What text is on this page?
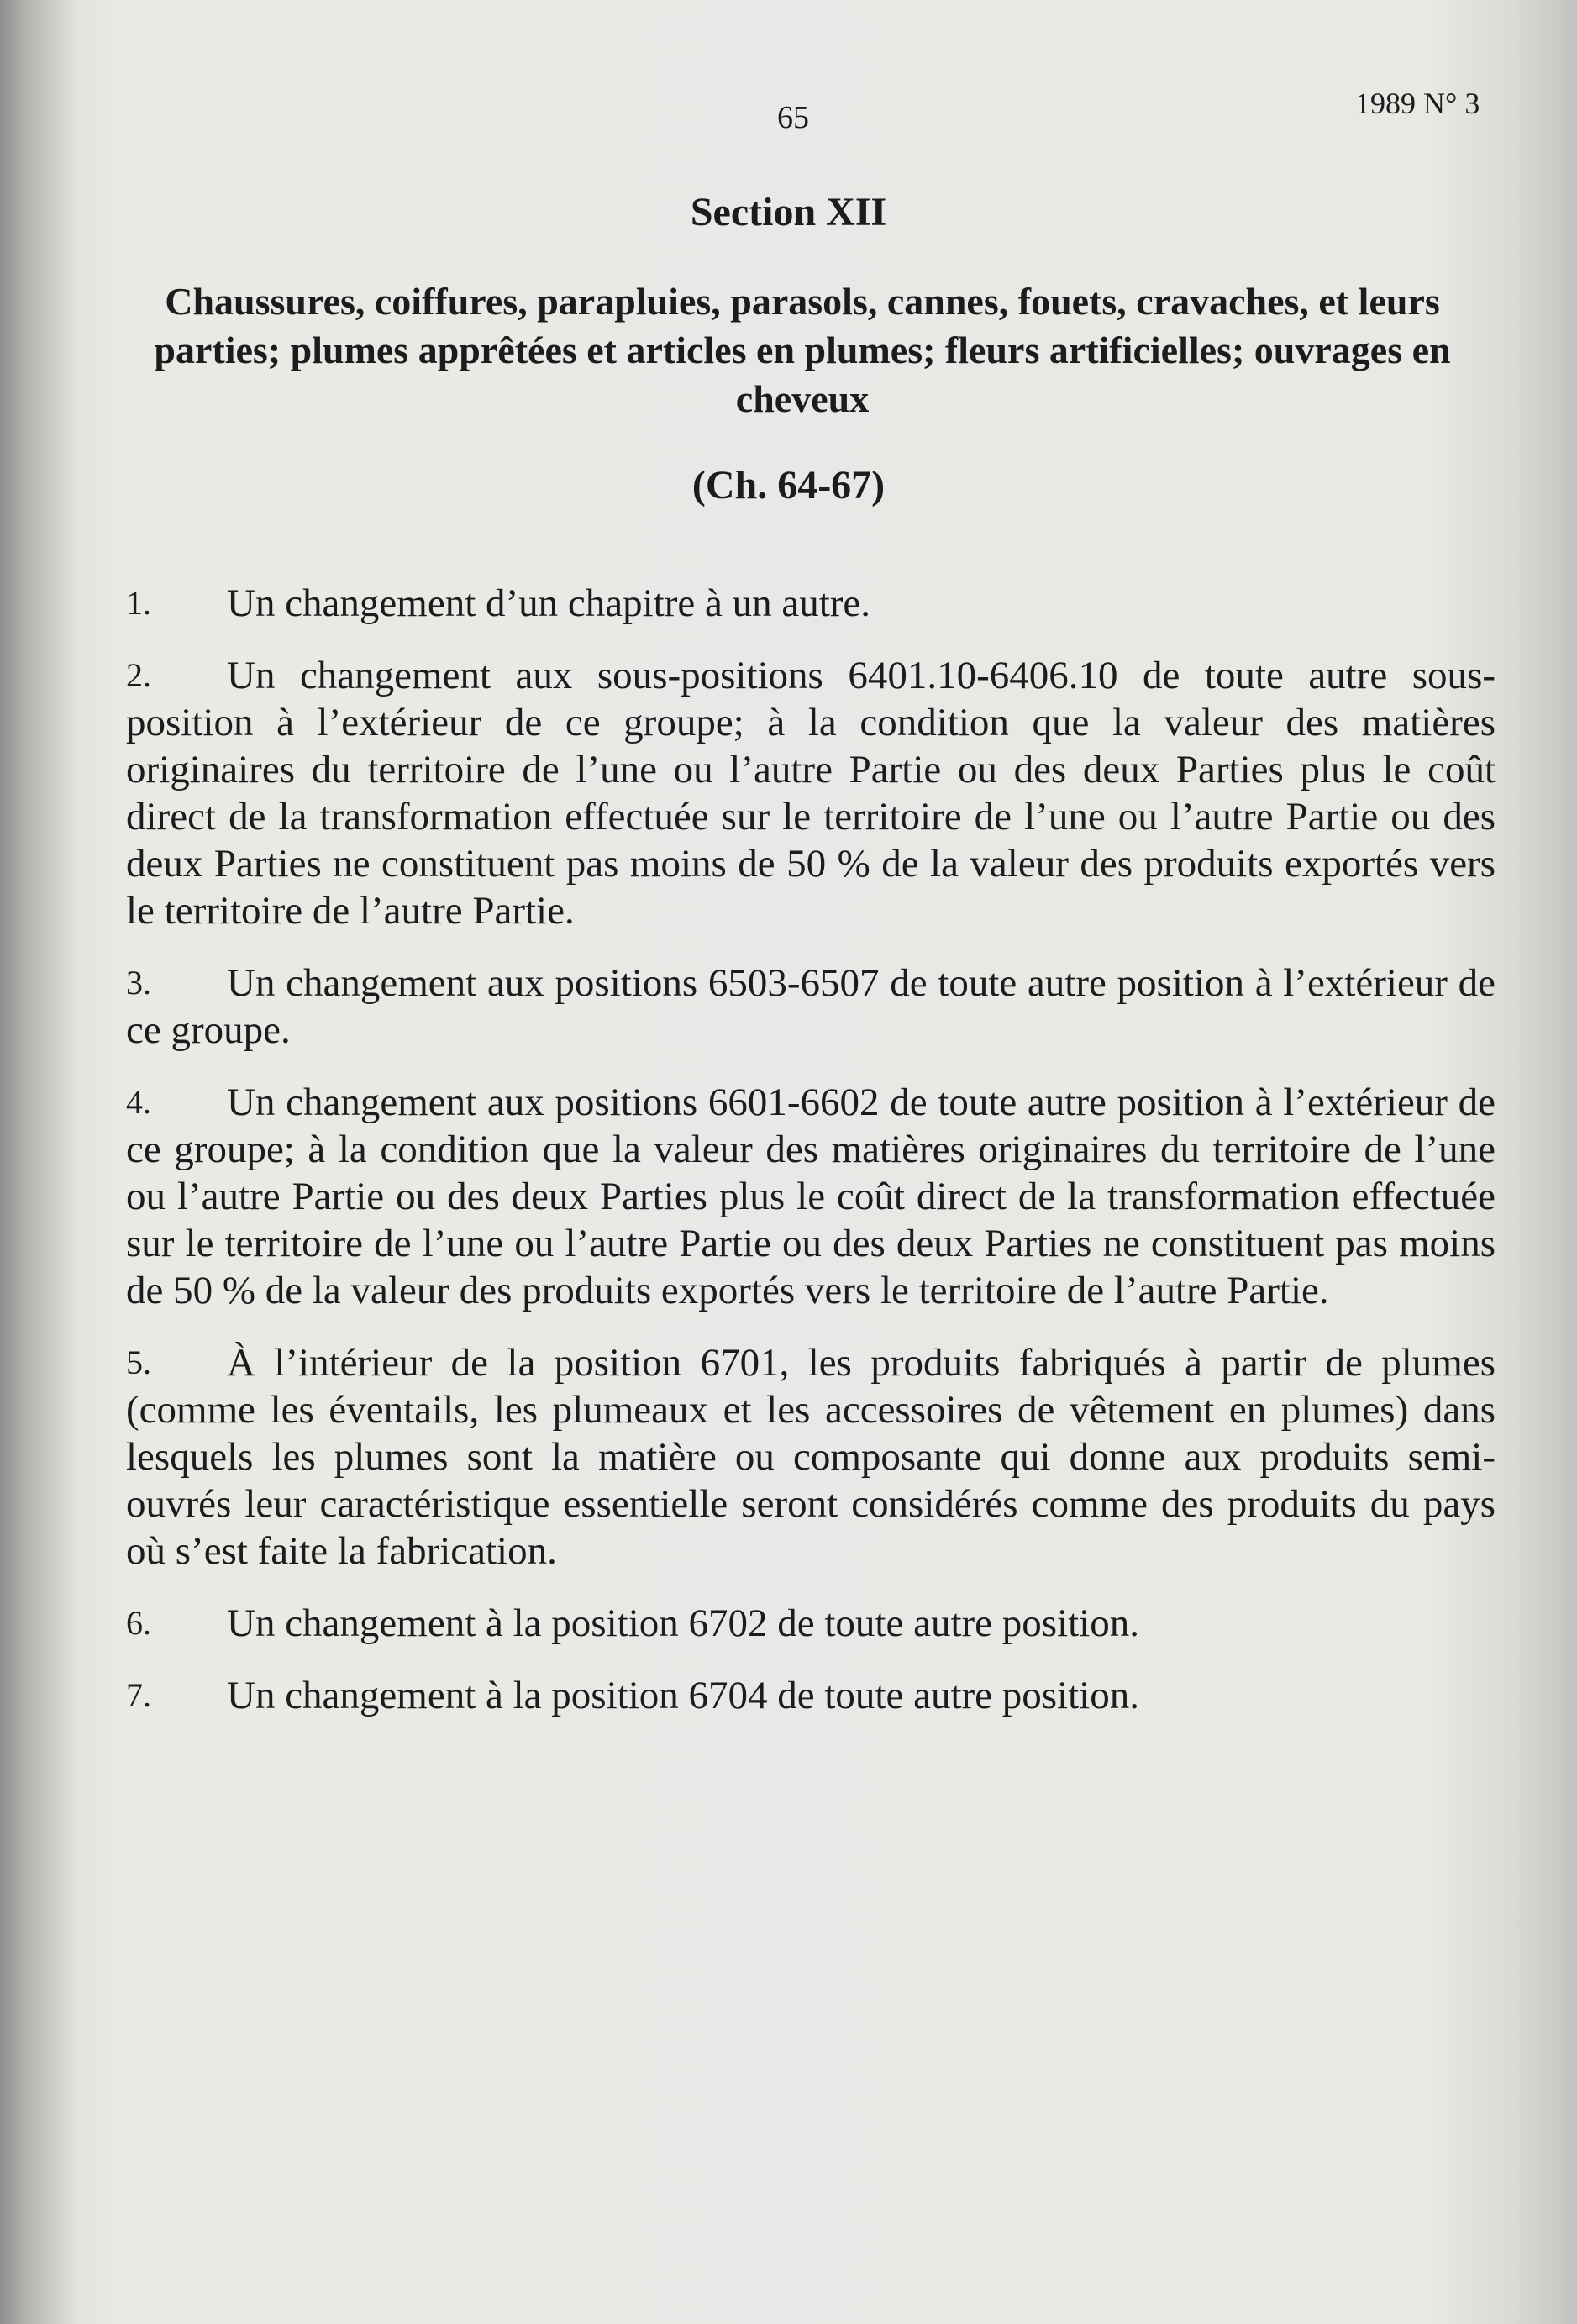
65	1989 N° 3
Section XII
Chaussures, coiffures, parapluies, parasols, cannes, fouets, cravaches, et leurs parties; plumes apprêtées et articles en plumes; fleurs artificielles; ouvrages en cheveux
(Ch. 64-67)
1. Un changement d’un chapitre à un autre.
2. Un changement aux sous-positions 6401.10-6406.10 de toute autre sous-position à l’extérieur de ce groupe; à la condition que la valeur des matières originaires du territoire de l’une ou l’autre Partie ou des deux Parties plus le coût direct de la transformation effectuée sur le territoire de l’une ou l’autre Partie ou des deux Parties ne constituent pas moins de 50 % de la valeur des produits exportés vers le territoire de l’autre Partie.
3. Un changement aux positions 6503-6507 de toute autre position à l’extérieur de ce groupe.
4. Un changement aux positions 6601-6602 de toute autre position à l’extérieur de ce groupe; à la condition que la valeur des matières originaires du territoire de l’une ou l’autre Partie ou des deux Parties plus le coût direct de la transformation effectuée sur le territoire de l’une ou l’autre Partie ou des deux Parties ne constituent pas moins de 50 % de la valeur des produits exportés vers le territoire de l’autre Partie.
5. À l’intérieur de la position 6701, les produits fabriqués à partir de plumes (comme les éventails, les plumeaux et les accessoires de vêtement en plumes) dans lesquels les plumes sont la matière ou composante qui donne aux produits semi-ouvrés leur caractéristique essentielle seront considérés comme des produits du pays où s’est faite la fabrication.
6. Un changement à la position 6702 de toute autre position.
7. Un changement à la position 6704 de toute autre position.
